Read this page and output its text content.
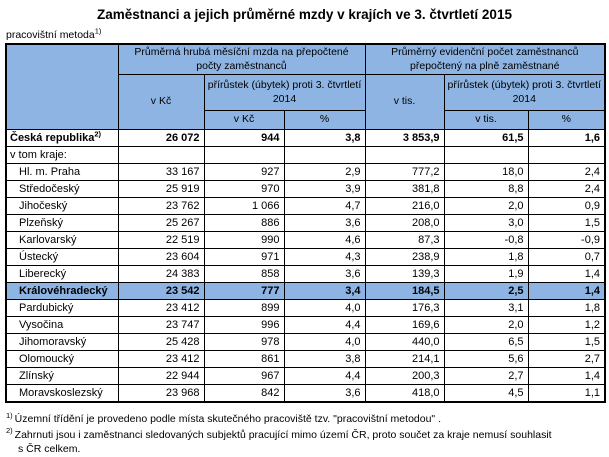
Zaměstnanci a jejich průměrné mzdy v krajích ve 3. čtvrtletí 2015
pracovištní metoda$^{1)}$
	Průměrná hrubá měsíční mzda na přepočtené počty zaměstnanců			Průměrný evidenční počet zaměstnanců přepočtený na plně zaměstnané		
	v Kč	přírůstek (úbytek) proti 3. čtvrtletí 2014		v tis.	přírůstek (úbytek) proti 3. čtvrtletí 2014	
		v Kč	%		v tis.	%
Česká republika$^{2)}$	26 072	944	3,8	3 853,9	61,5	1,6
v tom kraje:						
Hl. m. Praha	33 167	927	2,9	777,2	18,0	2,4
Středočeský	25 919	970	3,9	381,8	8,8	2,4
Jihočeský	23 762	1 066	4,7	216,0	2,0	0,9
Plzeňský	25 267	886	3,6	208,0	3,0	1,5
Karlovarský	22 519	990	4,6	87,3	-0,8	-0,9
Ústecký	23 604	971	4,3	238,9	1,8	0,7
Liberecký	24 383	858	3,6	139,3	1,9	1,4
Královéhradecký	23 542	777	3,4	184,5	2,5	1,4
Pardubický	23 412	899	4,0	176,3	3,1	1,8
Vysočina	23 747	996	4,4	169,6	2,0	1,2
Jihomoravský	25 428	978	4,0	440,0	6,5	1,5
Olomoucký	23 412	861	3,8	214,1	5,6	2,7
Zlínský	22 944	967	4,4	200,3	2,7	1,4
Moravskoslezský	23 968	842	3,6	418,0	4,5	1,1
$^{1)}$ Územní třídění je provedeno podle místa skutečného pracoviště tzv. "pracovištní metodou" .
$^{2)}$ Zahrnuti jsou i zaměstnanci sledovaných subjektů pracující mimo území ČR, proto součet za kraje nemusí souhlasit
s ČR celkem.
